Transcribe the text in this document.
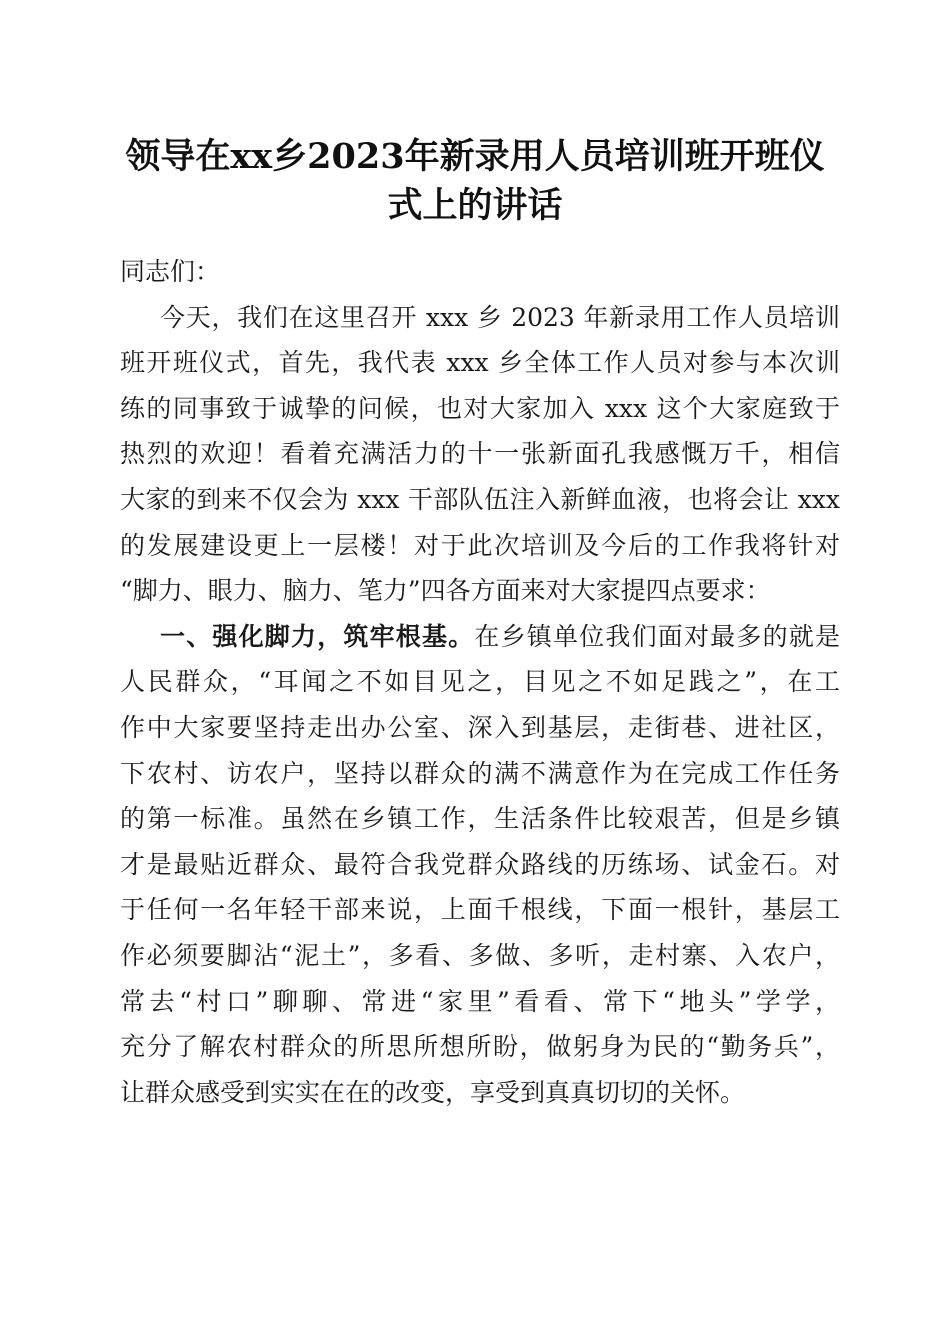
领导在xx乡2023年新录用人员培训班开班仪
式上的讲话
同志们：
今天，我们在这里召开 xxx 乡 2023 年新录用工作人员培训
班开班仪式，首先，我代表 xxx 乡全体工作人员对参与本次训
练的同事致于诚挚的问候，也对大家加入 xxx 这个大家庭致于
热烈的欢迎！看着充满活力的十一张新面孔我感慨万千，相信
大家的到来不仅会为 xxx 干部队伍注入新鲜血液，也将会让 xxx
的发展建设更上一层楼！对于此次培训及今后的工作我将针对
“脚力、眼力、脑力、笔力”四各方面来对大家提四点要求：
一、强化脚力，筑牢根基。在乡镇单位我们面对最多的就是
人民群众，“耳闻之不如目见之，目见之不如足践之”，在工
作中大家要坚持走出办公室、深入到基层，走街巷、进社区，
下农村、访农户，坚持以群众的满不满意作为在完成工作任务
的第一标准。虽然在乡镇工作，生活条件比较艰苦，但是乡镇
才是最贴近群众、最符合我党群众路线的历练场、试金石。对
于任何一名年轻干部来说，上面千根线，下面一根针，基层工
作必须要脚沾“泥土”，多看、多做、多听，走村寨、入农户，
常去“村口”聊聊、常进“家里”看看、常下“地头”学学，
充分了解农村群众的所思所想所盼，做躬身为民的“勤务兵”，
让群众感受到实实在在的改变，享受到真真切切的关怀。
